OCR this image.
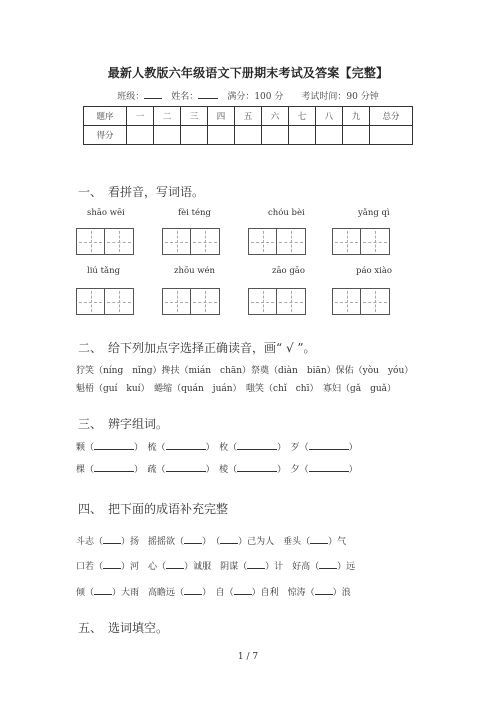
最新人教版六年级语文下册期末考试及答案【完整】
班级：　	姓名：　	满分：100 分　　 考试时间：90 分钟
题序	一	二	三	四	五	六	七	八	九	总分
得分										
一、　看拼音，写词语。
shāo wēi	fèi téng	chóu bèi	yǎng qì
liú tǎng	zhōu wén	zāo gāo	páo xiào
二、　给下列加点字选择正确读音，画“ √ ”。
狞笑（níng　nǐng）搀扶（mián　chān）祭奠（diàn　biān）保佑（yòu　yóu）
魁梧（guí　kuí）　蜷缩（quán　juán）　嗤笑（chǐ　chī）　寡妇（gǎ　guǎ）
三、　辨字组词。
颗（	）　 梳（	）　 枚（	）　 歹（	）
棵（	）　 疏（	）　 棱（	）　 夕（	）
四、　把下面的成语补充完整
斗志（ ）扬　 摇摇欲（ ）　 （ ）己为人　 垂头（ ）气
口若（ ）河　 心（ ）诚服　 阴谋（ ）计　 好高（ ）远
倾（ ）大雨　 高瞻远（ ）　 自（ ）自利　 惊涛（ ）浪
五、　选词填空。
1 / 7
